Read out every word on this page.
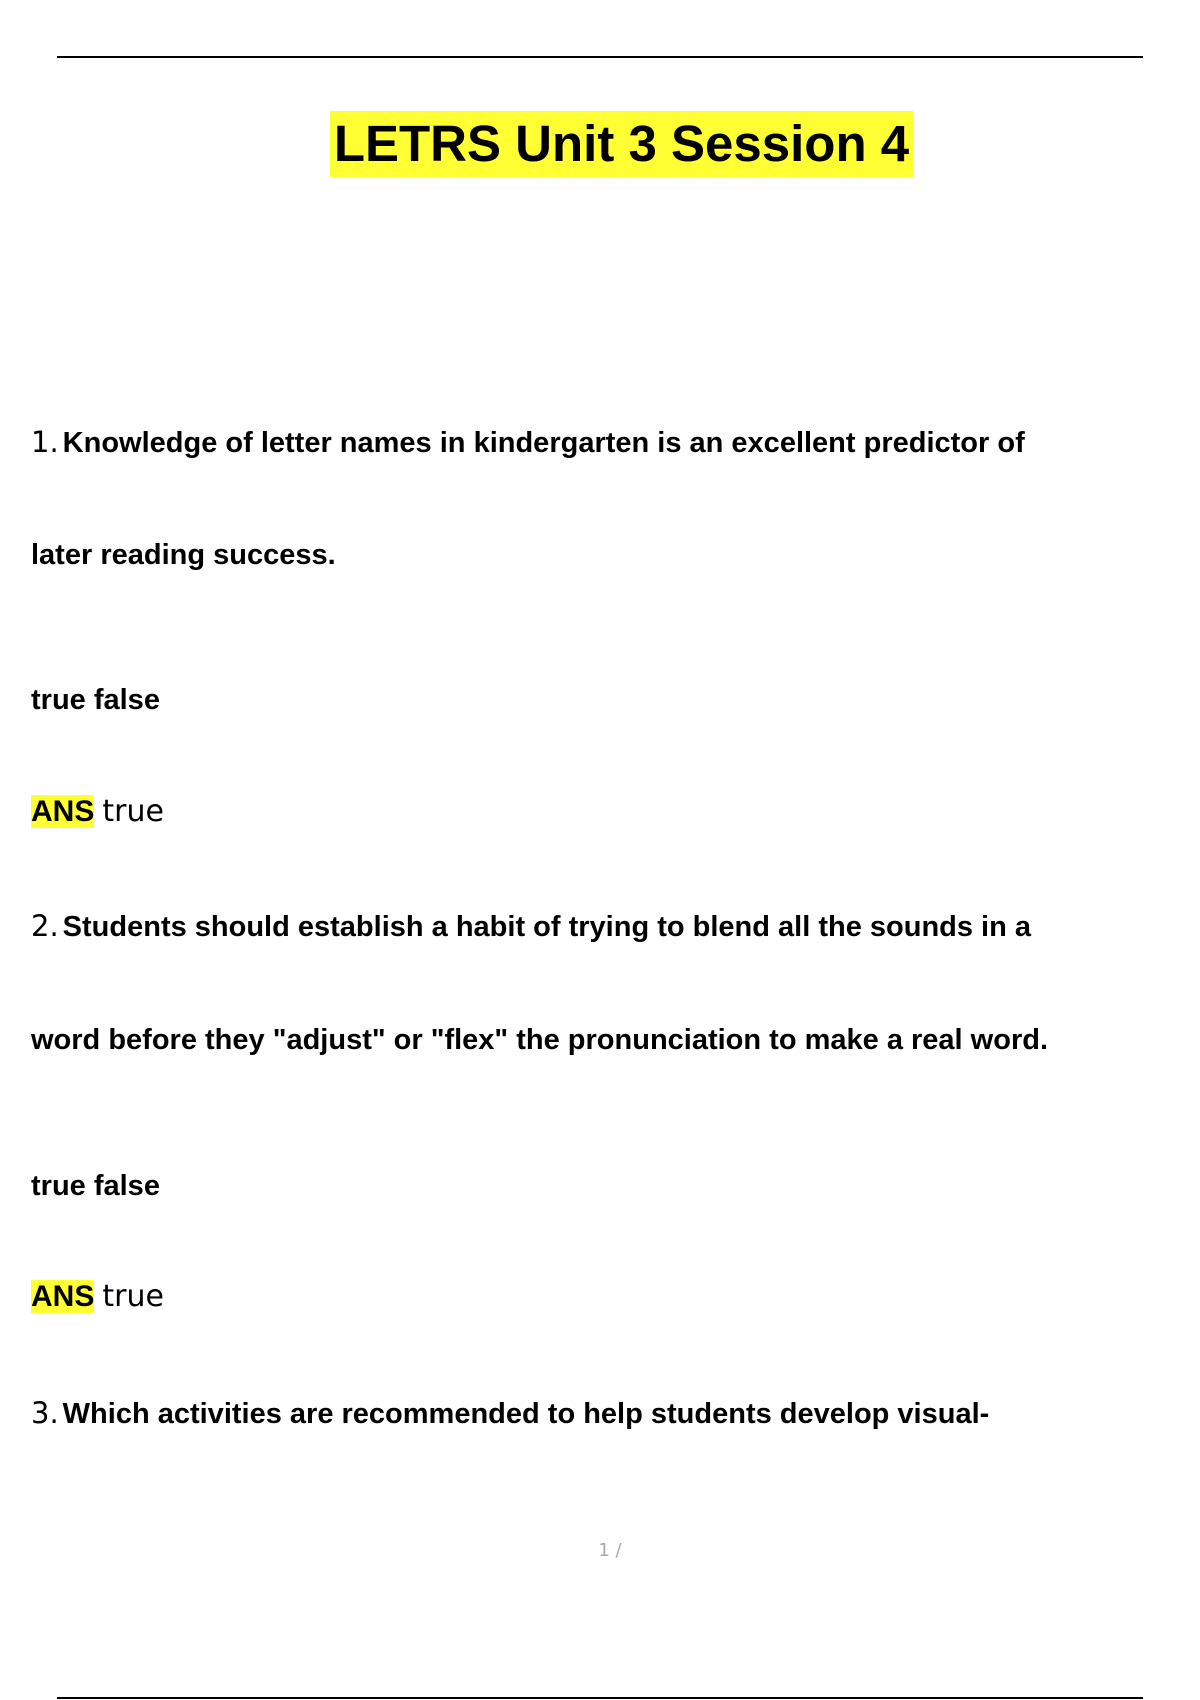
LETRS Unit 3 Session 4
1. Knowledge of letter names in kindergarten is an excellent predictor of
later reading success.
true false
ANS true
2. Students should establish a habit of trying to blend all the sounds in a
word before they "adjust" or "flex" the pronunciation to make a real word.
true false
ANS true
3. Which activities are recommended to help students develop visual-
1 /
